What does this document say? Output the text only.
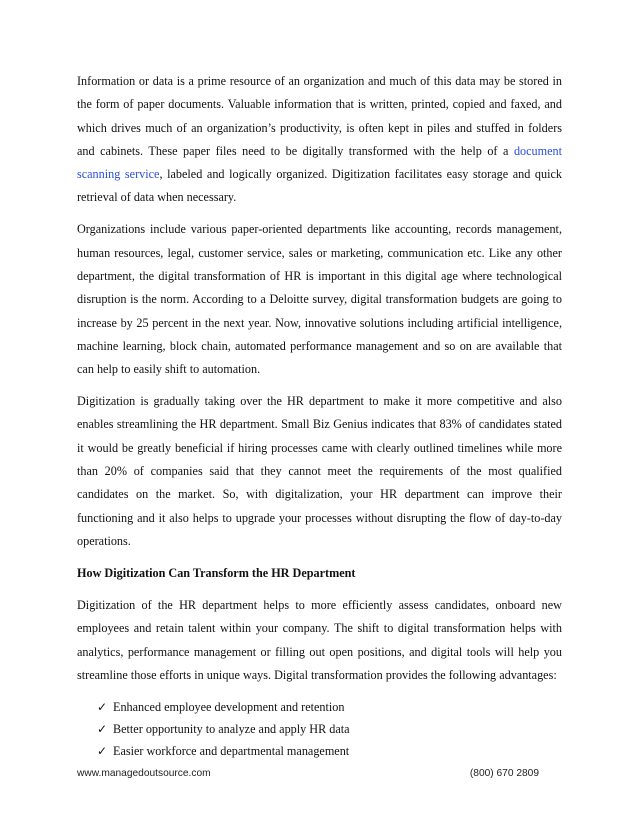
Information or data is a prime resource of an organization and much of this data may be stored in the form of paper documents. Valuable information that is written, printed, copied and faxed, and which drives much of an organization’s productivity, is often kept in piles and stuffed in folders and cabinets. These paper files need to be digitally transformed with the help of a document scanning service, labeled and logically organized. Digitization facilitates easy storage and quick retrieval of data when necessary.

Organizations include various paper-oriented departments like accounting, records management, human resources, legal, customer service, sales or marketing, communication etc. Like any other department, the digital transformation of HR is important in this digital age where technological disruption is the norm. According to a Deloitte survey, digital transformation budgets are going to increase by 25 percent in the next year. Now, innovative solutions including artificial intelligence, machine learning, block chain, automated performance management and so on are available that can help to easily shift to automation.

Digitization is gradually taking over the HR department to make it more competitive and also enables streamlining the HR department. Small Biz Genius indicates that 83% of candidates stated it would be greatly beneficial if hiring processes came with clearly outlined timelines while more than 20% of companies said that they cannot meet the requirements of the most qualified candidates on the market. So, with digitalization, your HR department can improve their functioning and it also helps to upgrade your processes without disrupting the flow of day-to-day operations.

How Digitization Can Transform the HR Department

Digitization of the HR department helps to more efficiently assess candidates, onboard new employees and retain talent within your company. The shift to digital transformation helps with analytics, performance management or filling out open positions, and digital tools will help you streamline those efforts in unique ways. Digital transformation provides the following advantages:

✓ Enhanced employee development and retention
✓ Better opportunity to analyze and apply HR data
✓ Easier workforce and departmental management
www.managedoutsource.com	(800) 670 2809
